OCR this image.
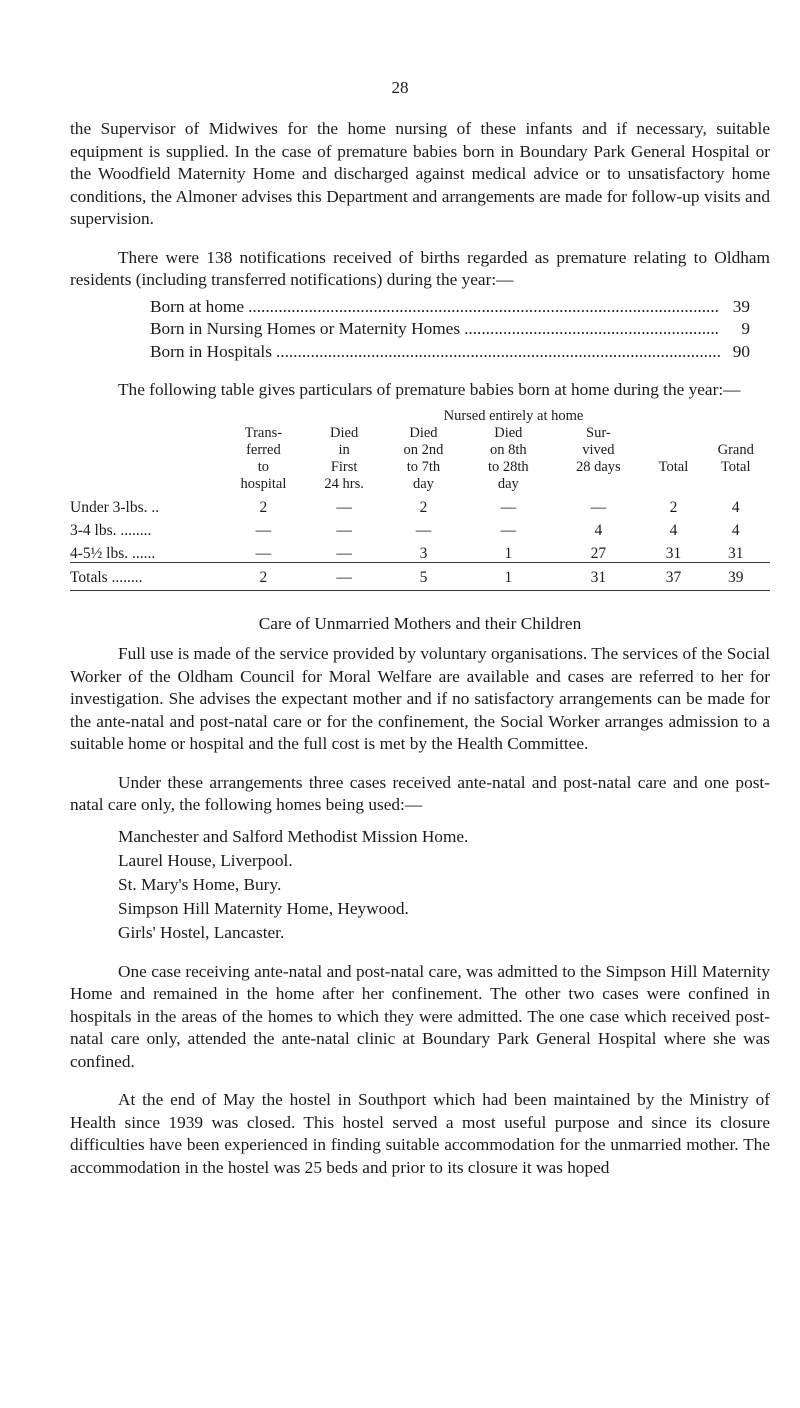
28

the Supervisor of Midwives for the home nursing of these infants and if necessary, suitable equipment is supplied. In the case of premature babies born in Boundary Park General Hospital or the Woodfield Maternity Home and discharged against medical advice or to unsatisfactory home conditions, the Almoner advises this Department and arrangements are made for follow-up visits and supervision.

There were 138 notifications received of births regarded as premature relating to Oldham residents (including transferred notifications) during the year:—

Born at home .....	39
Born in Nursing Homes or Maternity Homes .....	9
Born in Hospitals .....	90

The following table gives particulars of premature babies born at home during the year:—

			Nursed entirely at home				

	Trans-
ferred
to
hospital	Died
in
First
24 hrs.	Died
on 2nd
to 7th
day	Died
on 8th
to 28th
day	Sur-
vived
28 days	Total	Grand
Total

Under 3-lbs. ..	2	—	2	—	—	2	4
3-4 lbs. ........	—	—	—	—	4	4	4
4-5½ lbs. ......	—	—	3	1	27	31	31
Totals ........	2	—	5	1	31	37	39
Care of Unmarried Mothers and their Children

Full use is made of the service provided by voluntary organisations. The services of the Social Worker of the Oldham Council for Moral Welfare are available and cases are referred to her for investigation. She advises the expectant mother and if no satisfactory arrangements can be made for the ante-natal and post-natal care or for the confinement, the Social Worker arranges admission to a suitable home or hospital and the full cost is met by the Health Committee.

Under these arrangements three cases received ante-natal and post-natal care and one post-natal care only, the following homes being used:—

Manchester and Salford Methodist Mission Home.
Laurel House, Liverpool.
St. Mary's Home, Bury.
Simpson Hill Maternity Home, Heywood.
Girls' Hostel, Lancaster.

One case receiving ante-natal and post-natal care, was admitted to the Simpson Hill Maternity Home and remained in the home after her confinement. The other two cases were confined in hospitals in the areas of the homes to which they were admitted. The one case which received post-natal care only, attended the ante-natal clinic at Boundary Park General Hospital where she was confined.

At the end of May the hostel in Southport which had been maintained by the Ministry of Health since 1939 was closed. This hostel served a most useful purpose and since its closure difficulties have been experienced in finding suitable accommodation for the unmarried mother. The accommodation in the hostel was 25 beds and prior to its closure it was hoped
